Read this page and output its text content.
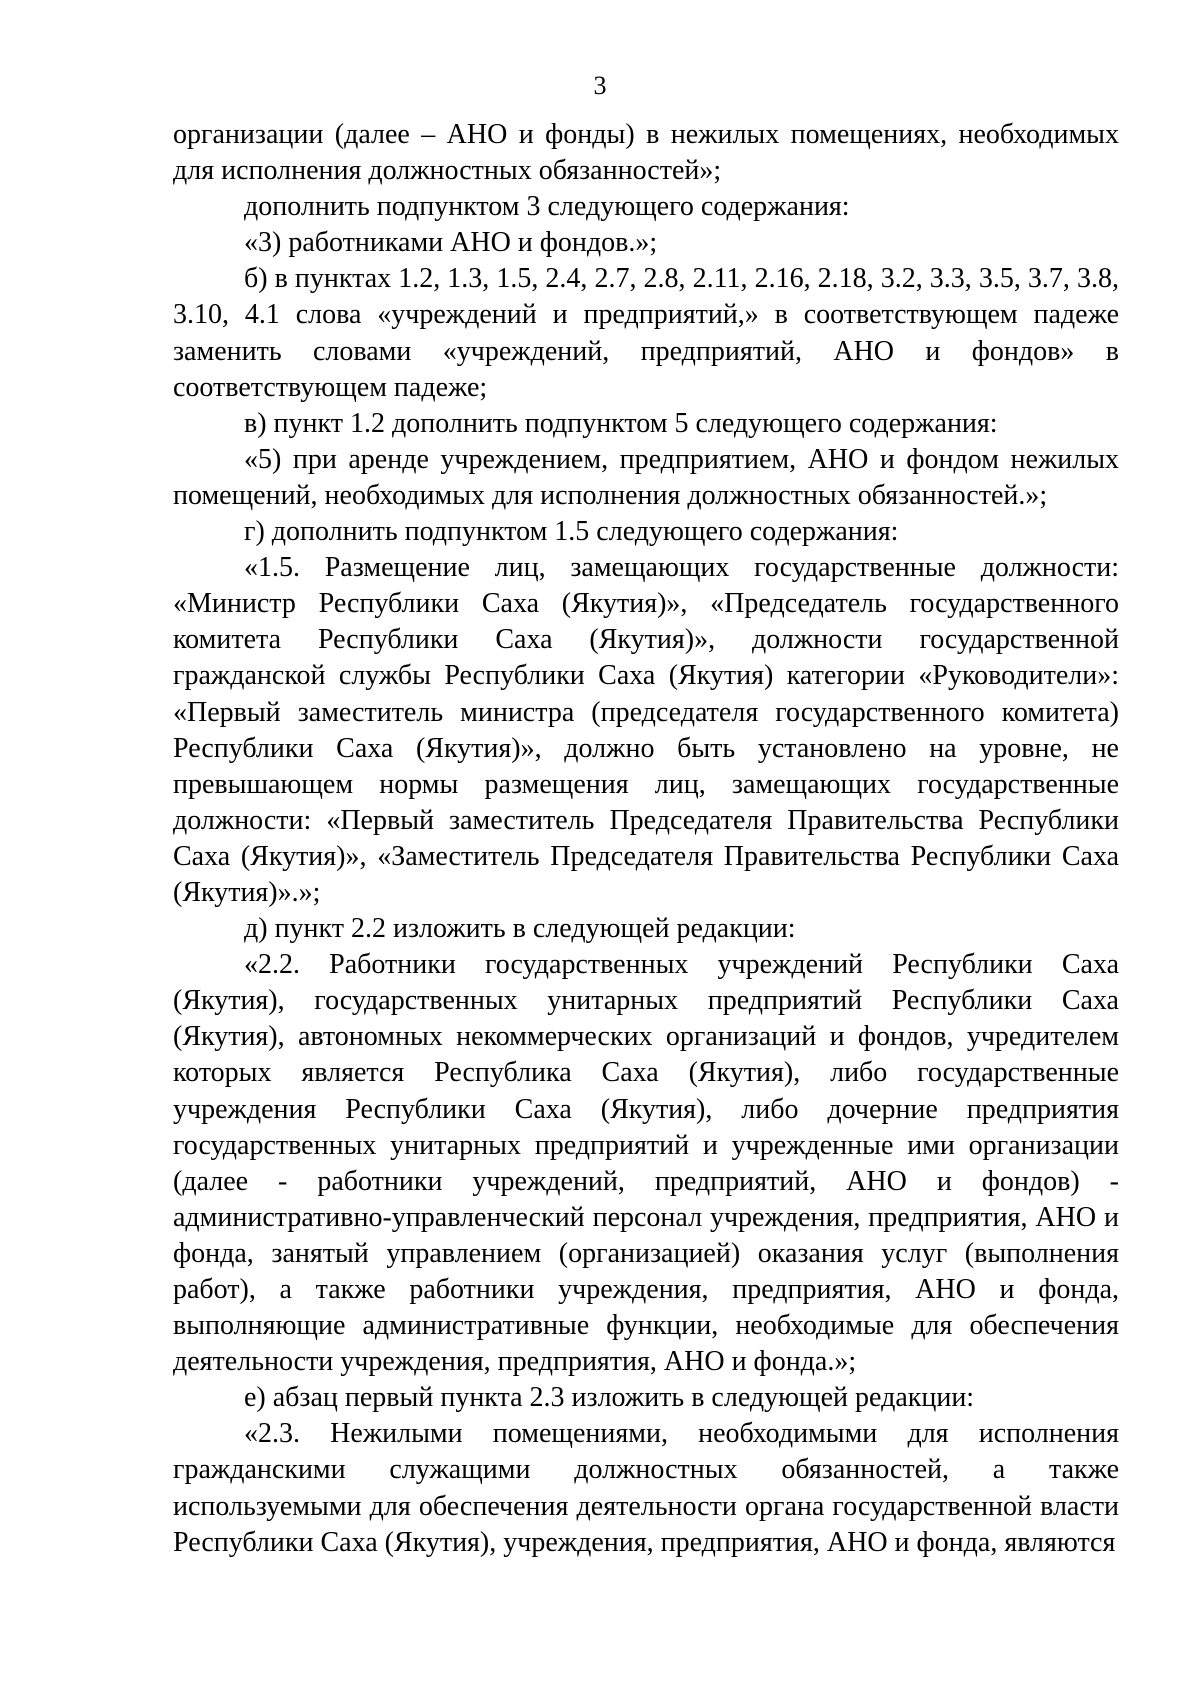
3

организации (далее – АНО и фонды) в нежилых помещениях, необходимых для исполнения должностных обязанностей»;

дополнить подпунктом 3 следующего содержания:

«3) работниками АНО и фондов.»;

б) в пунктах 1.2, 1.3, 1.5, 2.4, 2.7, 2.8, 2.11, 2.16, 2.18, 3.2, 3.3, 3.5, 3.7, 3.8, 3.10, 4.1 слова «учреждений и предприятий,» в соответствующем падеже заменить словами «учреждений, предприятий, АНО и фондов» в соответствующем падеже;

в) пункт 1.2 дополнить подпунктом 5 следующего содержания:

«5) при аренде учреждением, предприятием, АНО и фондом нежилых помещений, необходимых для исполнения должностных обязанностей.»;

г) дополнить подпунктом 1.5 следующего содержания:

«1.5. Размещение лиц, замещающих государственные должности: «Министр Республики Саха (Якутия)», «Председатель государственного комитета Республики Саха (Якутия)», должности государственной гражданской службы Республики Саха (Якутия) категории «Руководители»: «Первый заместитель министра (председателя государственного комитета) Республики Саха (Якутия)», должно быть установлено на уровне, не превышающем нормы размещения лиц, замещающих государственные должности: «Первый заместитель Председателя Правительства Республики Саха (Якутия)», «Заместитель Председателя Правительства Республики Саха (Якутия)».»;

д) пункт 2.2 изложить в следующей редакции:

«2.2. Работники государственных учреждений Республики Саха (Якутия), государственных унитарных предприятий Республики Саха (Якутия), автономных некоммерческих организаций и фондов, учредителем которых является Республика Саха (Якутия), либо государственные учреждения Республики Саха (Якутия), либо дочерние предприятия государственных унитарных предприятий и учрежденные ими организации (далее - работники учреждений, предприятий, АНО и фондов) - административно-управленческий персонал учреждения, предприятия, АНО и фонда, занятый управлением (организацией) оказания услуг (выполнения работ), а также работники учреждения, предприятия, АНО и фонда, выполняющие административные функции, необходимые для обеспечения деятельности учреждения, предприятия, АНО и фонда.»;

е) абзац первый пункта 2.3 изложить в следующей редакции:

«2.3. Нежилыми помещениями, необходимыми для исполнения гражданскими служащими должностных обязанностей, а также используемыми для обеспечения деятельности органа государственной власти Республики Саха (Якутия), учреждения, предприятия, АНО и фонда, являются
